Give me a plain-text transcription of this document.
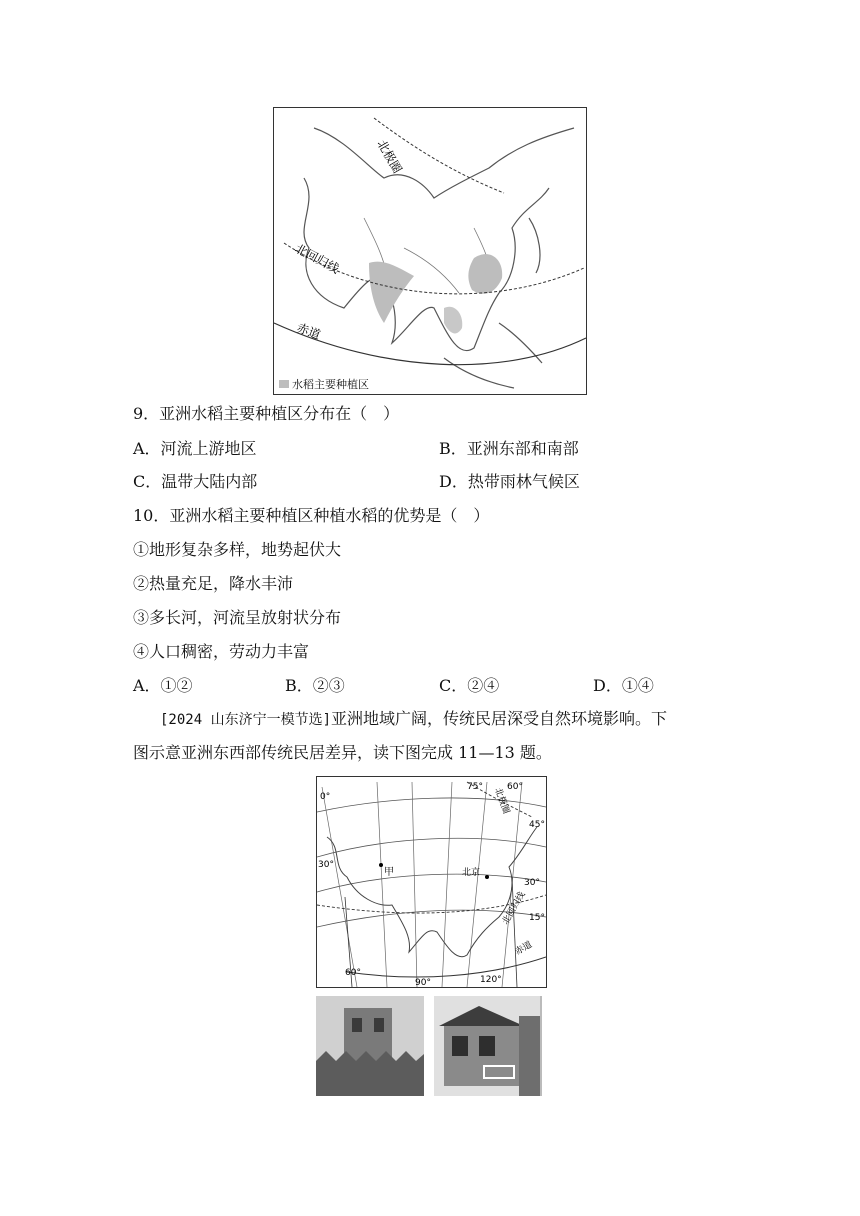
北极圈
北回归线
赤道
水稻主要种植区
9．亚洲水稻主要种植区分布在（　）
A．河流上游地区	B．亚洲东部和南部
C．温带大陆内部	D．热带雨林气候区
10．亚洲水稻主要种植区种植水稻的优势是（　）
①地形复杂多样，地势起伏大
②热量充足，降水丰沛
③多长河，河流呈放射状分布
④人口稠密，劳动力丰富
A．①②	B．②③	C．②④	D．①④
[2024 山东济宁一模节选]亚洲地域广阔，传统民居深受自然环境影响。下
图示意亚洲东西部传统民居差异，读下图完成 11—13 题。
0°
30°
甲	北京
75°	60°
45°
30°
15°
北极圈
北回归线
赤道
60°
90°	120°
